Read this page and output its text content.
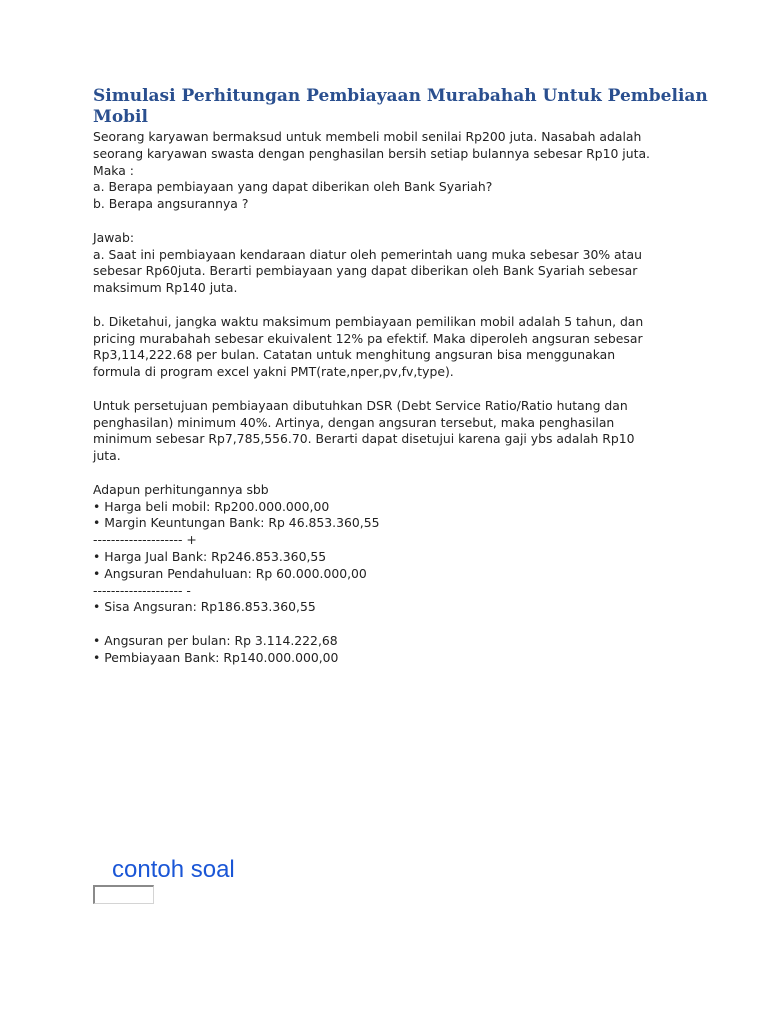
Simulasi Perhitungan Pembiayaan Murabahah Untuk Pembelian Mobil
Seorang karyawan bermaksud untuk membeli mobil senilai Rp200 juta. Nasabah adalah
seorang karyawan swasta dengan penghasilan bersih setiap bulannya sebesar Rp10 juta.
Maka :
a. Berapa pembiayaan yang dapat diberikan oleh Bank Syariah?
b. Berapa angsurannya ?
Jawab:
a. Saat ini pembiayaan kendaraan diatur oleh pemerintah uang muka sebesar 30% atau
sebesar Rp60juta. Berarti pembiayaan yang dapat diberikan oleh Bank Syariah sebesar
maksimum Rp140 juta.
b. Diketahui, jangka waktu maksimum pembiayaan pemilikan mobil adalah 5 tahun, dan
pricing murabahah sebesar ekuivalent 12% pa efektif. Maka diperoleh angsuran sebesar
Rp3,114,222.68 per bulan. Catatan untuk menghitung angsuran bisa menggunakan
formula di program excel yakni PMT(rate,nper,pv,fv,type).
Untuk persetujuan pembiayaan dibutuhkan DSR (Debt Service Ratio/Ratio hutang dan
penghasilan) minimum 40%. Artinya, dengan angsuran tersebut, maka penghasilan
minimum sebesar Rp7,785,556.70. Berarti dapat disetujui karena gaji ybs adalah Rp10
juta.
Adapun perhitungannya sbb
• Harga beli mobil: Rp200.000.000,00
• Margin Keuntungan Bank: Rp 46.853.360,55
-------------------- +
• Harga Jual Bank: Rp246.853.360,55
• Angsuran Pendahuluan: Rp 60.000.000,00
-------------------- -
• Sisa Angsuran: Rp186.853.360,55
• Angsuran per bulan: Rp 3.114.222,68
• Pembiayaan Bank: Rp140.000.000,00
contoh soal
